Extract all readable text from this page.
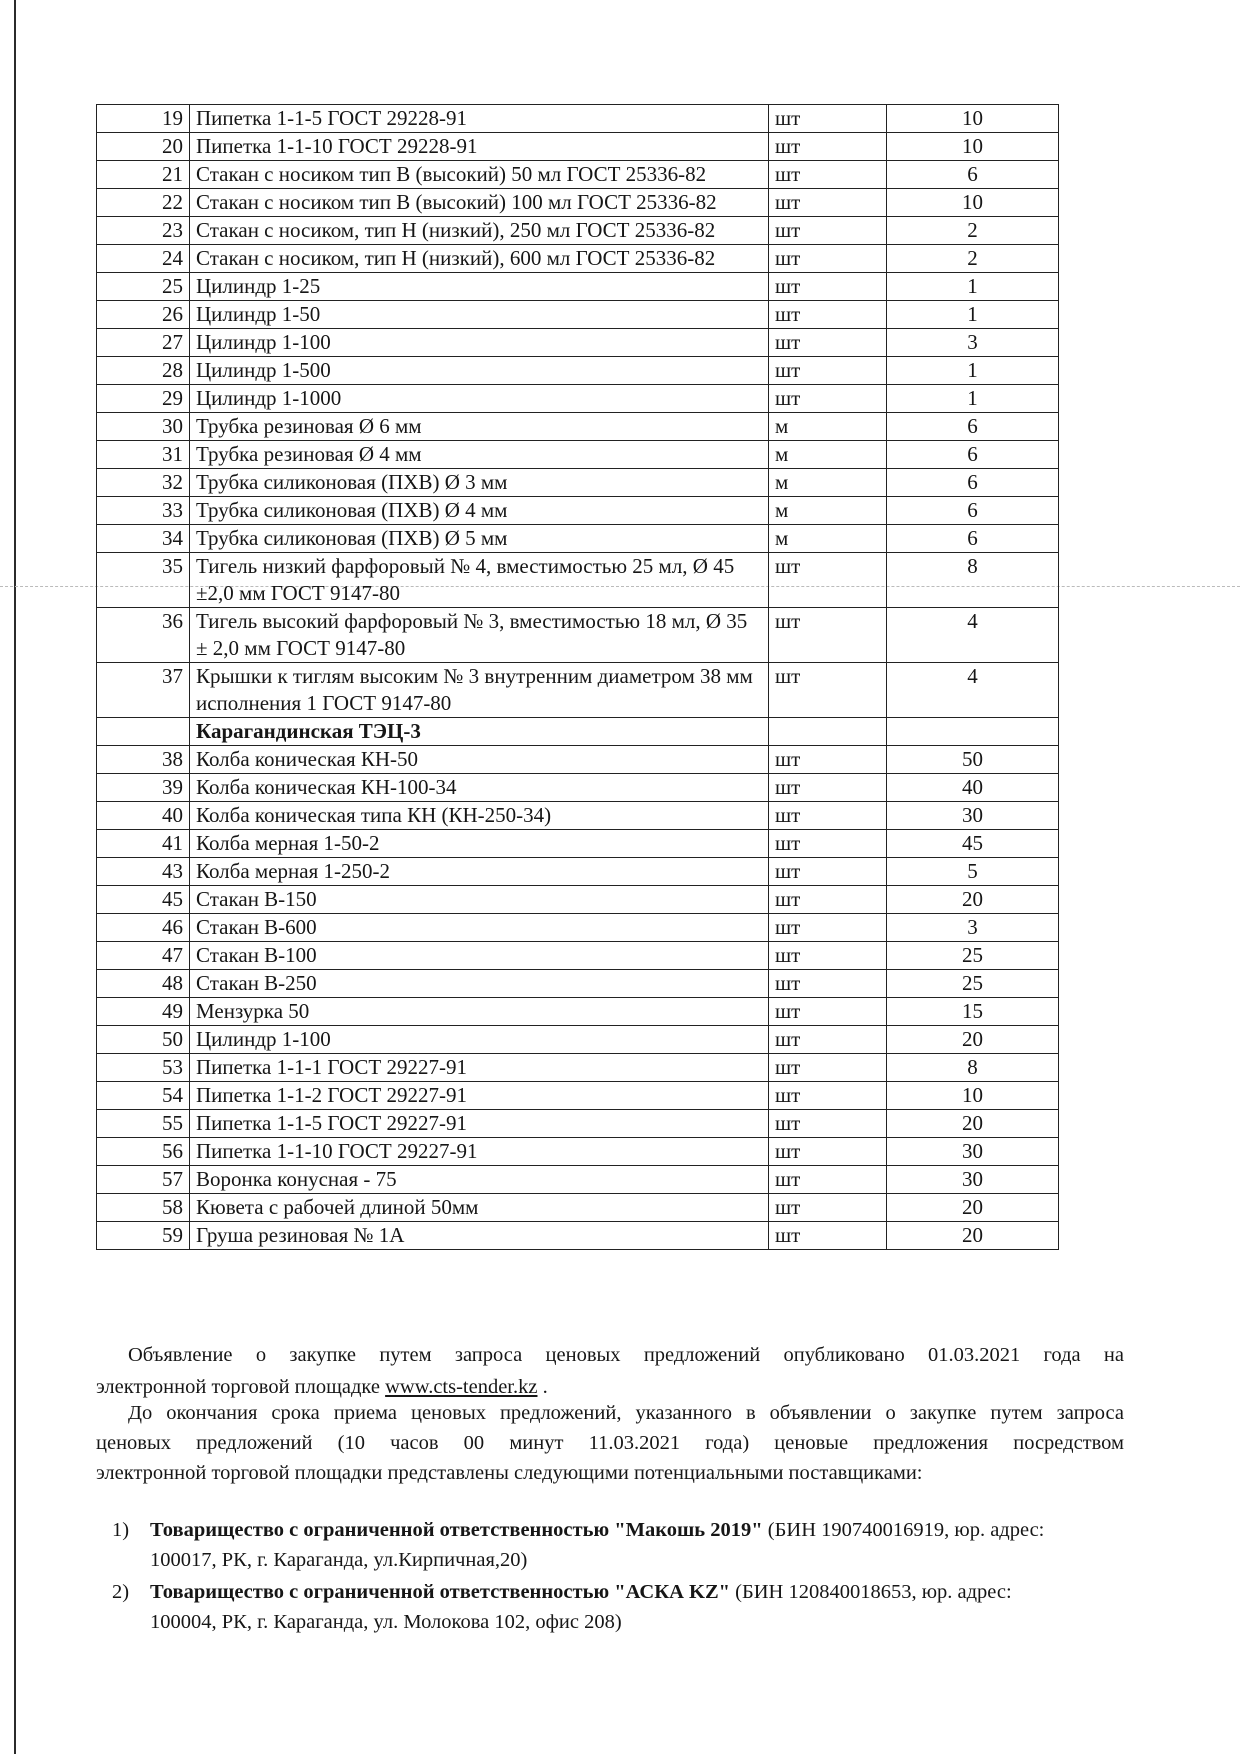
19	Пипетка 1-1-5 ГОСТ 29228-91	шт	10
20	Пипетка 1-1-10 ГОСТ 29228-91	шт	10
21	Стакан с носиком тип В (высокий) 50 мл ГОСТ 25336-82	шт	6
22	Стакан с носиком тип В (высокий) 100 мл ГОСТ 25336-82	шт	10
23	Стакан с носиком, тип Н (низкий), 250 мл ГОСТ 25336-82	шт	2
24	Стакан с носиком, тип Н (низкий), 600 мл ГОСТ 25336-82	шт	2
25	Цилиндр 1-25	шт	1
26	Цилиндр 1-50	шт	1
27	Цилиндр 1-100	шт	3
28	Цилиндр 1-500	шт	1
29	Цилиндр 1-1000	шт	1
30	Трубка резиновая Ø 6 мм	м	6
31	Трубка резиновая Ø 4 мм	м	6
32	Трубка силиконовая (ПХВ) Ø 3 мм	м	6
33	Трубка силиконовая (ПХВ) Ø 4 мм	м	6
34	Трубка силиконовая (ПХВ) Ø 5 мм	м	6
35	Тигель низкий фарфоровый № 4, вместимостью 25 мл, Ø 45 ±2,0 мм ГОСТ 9147-80	шт	8
36	Тигель высокий фарфоровый № 3, вместимостью 18 мл, Ø 35 ± 2,0 мм ГОСТ 9147-80	шт	4
37	Крышки к тиглям высоким № 3 внутренним диаметром 38 мм исполнения 1 ГОСТ 9147-80	шт	4
	Карагандинская ТЭЦ-3		
38	Колба коническая КН-50	шт	50
39	Колба коническая КН-100-34	шт	40
40	Колба коническая типа КН (КН-250-34)	шт	30
41	Колба мерная 1-50-2	шт	45
43	Колба мерная 1-250-2	шт	5
45	Стакан В-150	шт	20
46	Стакан В-600	шт	3
47	Стакан В-100	шт	25
48	Стакан В-250	шт	25
49	Мензурка 50	шт	15
50	Цилиндр 1-100	шт	20
53	Пипетка 1-1-1 ГОСТ 29227-91	шт	8
54	Пипетка 1-1-2 ГОСТ 29227-91	шт	10
55	Пипетка 1-1-5 ГОСТ 29227-91	шт	20
56	Пипетка 1-1-10 ГОСТ 29227-91	шт	30
57	Воронка конусная - 75	шт	30
58	Кювета с рабочей длиной 50мм	шт	20
59	Груша резиновая № 1А	шт	20
Объявление о закупке путем запроса ценовых предложений опубликовано 01.03.2021 года на
электронной торговой площадке www.cts-tender.kz .
До окончания срока приема ценовых предложений, указанного в объявлении о закупке путем запроса
ценовых предложений (10 часов 00 минут 11.03.2021 года) ценовые предложения посредством
электронной торговой площадки представлены следующими потенциальными поставщиками:
1) Товарищество с ограниченной ответственностью "Макошь 2019" (БИН 190740016919, юр. адрес:
100017, РК, г. Караганда, ул.Кирпичная,20)
2) Товарищество с ограниченной ответственностью "АСКА KZ" (БИН 120840018653, юр. адрес:
100004, РК, г. Караганда, ул. Молокова 102, офис 208)
